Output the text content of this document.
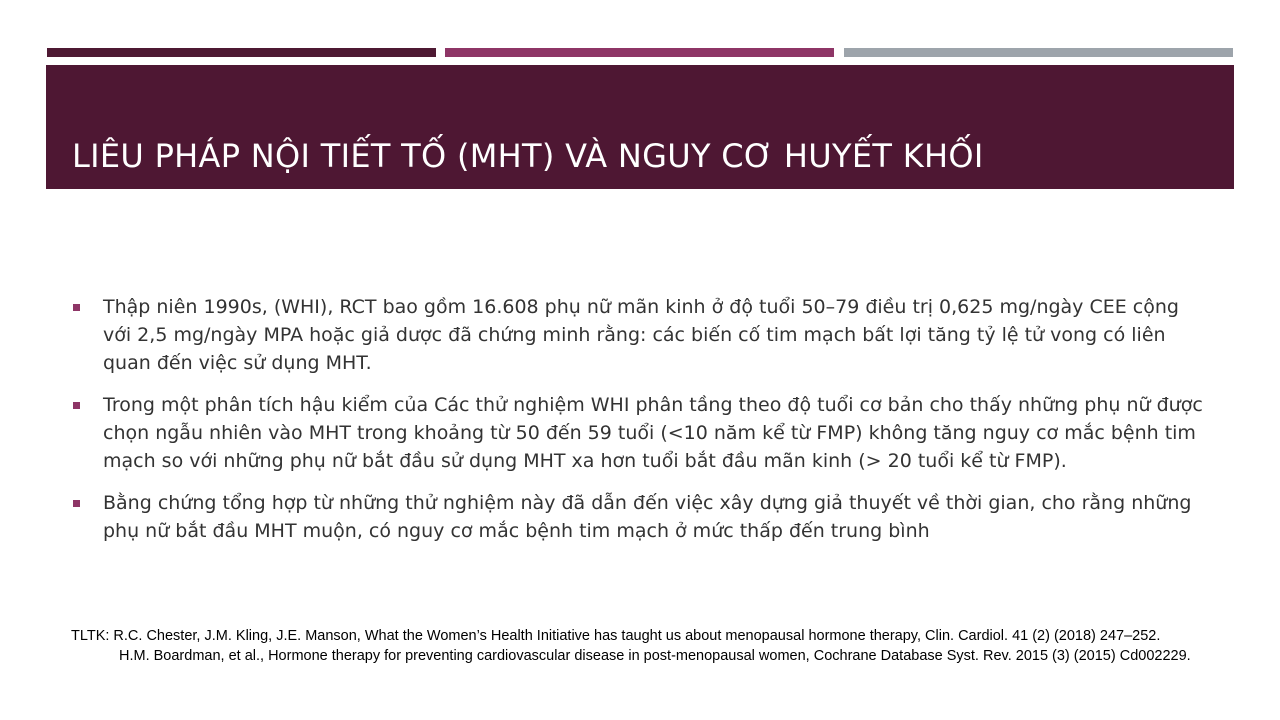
LIÊU PHÁP NỘI TIẾT TỐ (MHT) VÀ NGUY CƠ HUYẾT KHỐI
Thập niên 1990s, (WHI), RCT bao gồm 16.608 phụ nữ mãn kinh ở độ tuổi 50–79 điều trị 0,625 mg/ngày CEE cộng với 2,5 mg/ngày MPA hoặc giả dược đã chứng minh rằng: các biến cố tim mạch bất lợi tăng tỷ lệ tử vong có liên quan đến việc sử dụng MHT.
Trong một phân tích hậu kiểm của Các thử nghiệm WHI phân tầng theo độ tuổi cơ bản cho thấy những phụ nữ được chọn ngẫu nhiên vào MHT trong khoảng từ 50 đến 59 tuổi (<10 năm kể từ FMP) không tăng nguy cơ mắc bệnh tim mạch so với những phụ nữ bắt đầu sử dụng MHT xa hơn tuổi bắt đầu mãn kinh (> 20 tuổi kể từ FMP).
Bằng chứng tổng hợp từ những thử nghiệm này đã dẫn đến việc xây dựng giả thuyết về thời gian, cho rằng những phụ nữ bắt đầu MHT muộn, có nguy cơ mắc bệnh tim mạch ở mức thấp đến trung bình

TLTK: R.C. Chester, J.M. Kling, J.E. Manson, What the Women’s Health Initiative has taught us about menopausal hormone therapy, Clin. Cardiol. 41 (2) (2018) 247–252.

H.M. Boardman, et al., Hormone therapy for preventing cardiovascular disease in post-menopausal women, Cochrane Database Syst. Rev. 2015 (3) (2015) Cd002229.
